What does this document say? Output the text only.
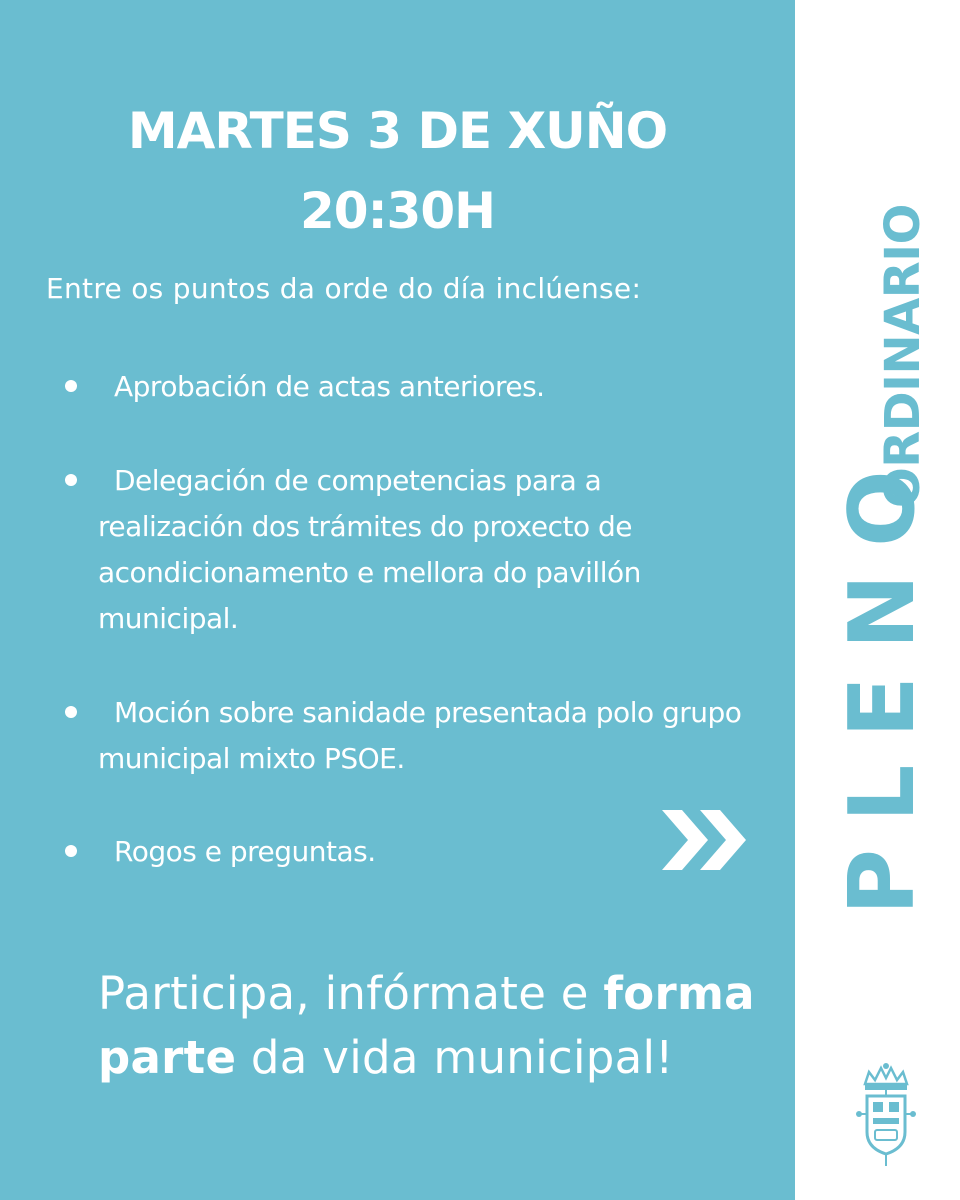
MARTES 3 DE XUÑO
20:30H
Entre os puntos da orde do día inclúense:
Aprobación de actas anteriores.
Delegación de competencias para a
realización dos trámites do proxecto de
acondicionamento e mellora do pavillón
municipal.
Moción sobre sanidade presentada polo grupo
municipal mixto PSOE.
Rogos e preguntas.
Participa, infórmate e forma
parte da vida municipal!
PLENO
ORDINARIO
